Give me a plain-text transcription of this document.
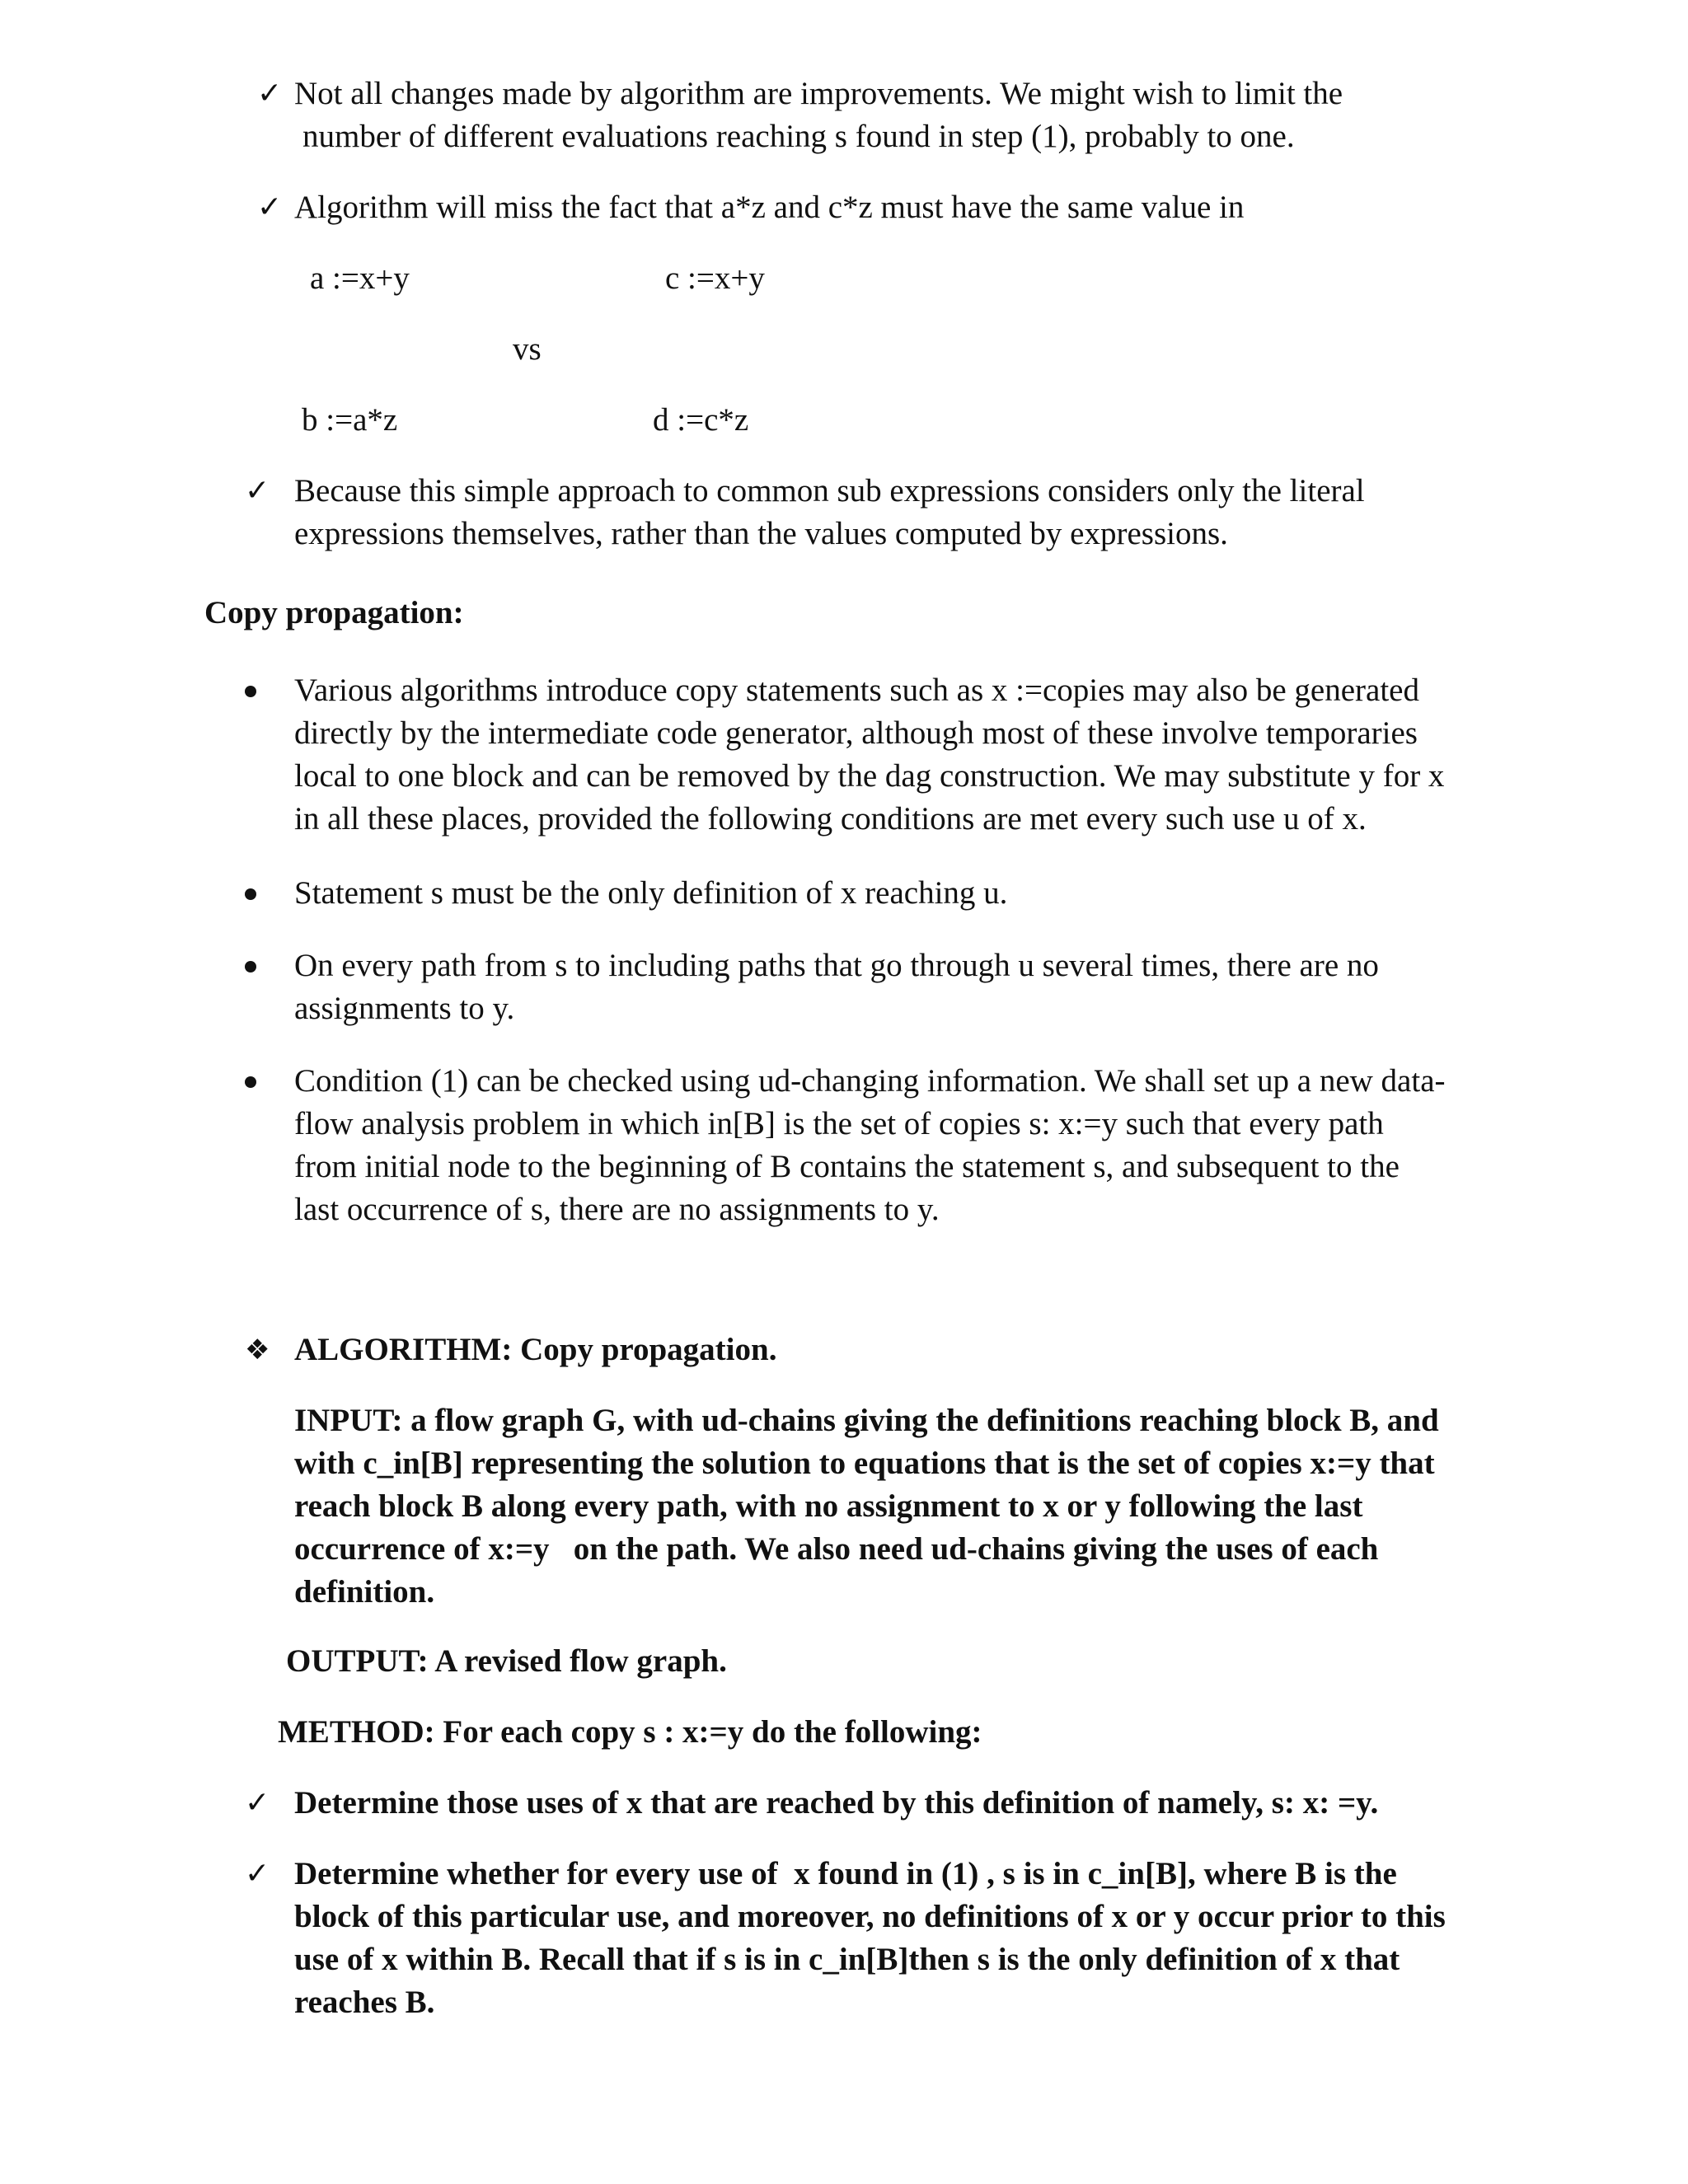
✓ Not all changes made by algorithm are improvements. We might wish to limit the
number of different evaluations reaching s found in step (1), probably to one.
✓ Algorithm will miss the fact that a*z and c*z must have the same value in
a :=x+y	c :=x+y
vs
b :=a*z	d :=c*z
✓ Because this simple approach to common sub expressions considers only the literal
expressions themselves, rather than the values computed by expressions.
Copy propagation:
Various algorithms introduce copy statements such as x :=copies may also be generated
directly by the intermediate code generator, although most of these involve temporaries
local to one block and can be removed by the dag construction. We may substitute y for x
in all these places, provided the following conditions are met every such use u of x.
Statement s must be the only definition of x reaching u.
On every path from s to including paths that go through u several times, there are no
assignments to y.
Condition (1) can be checked using ud-changing information. We shall set up a new data-
flow analysis problem in which in[B] is the set of copies s: x:=y such that every path
from initial node to the beginning of B contains the statement s, and subsequent to the
last occurrence of s, there are no assignments to y.
❖ ALGORITHM: Copy propagation.
INPUT: a flow graph G, with ud-chains giving the definitions reaching block B, and
with c_in[B] representing the solution to equations that is the set of copies x:=y that
reach block B along every path, with no assignment to x or y following the last
occurrence of x:=y   on the path. We also need ud-chains giving the uses of each
definition.
OUTPUT: A revised flow graph.
METHOD: For each copy s : x:=y do the following:
✓ Determine those uses of x that are reached by this definition of namely, s: x: =y.
✓ Determine whether for every use of  x found in (1) , s is in c_in[B], where B is the
block of this particular use, and moreover, no definitions of x or y occur prior to this
use of x within B. Recall that if s is in c_in[B]then s is the only definition of x that
reaches B.
